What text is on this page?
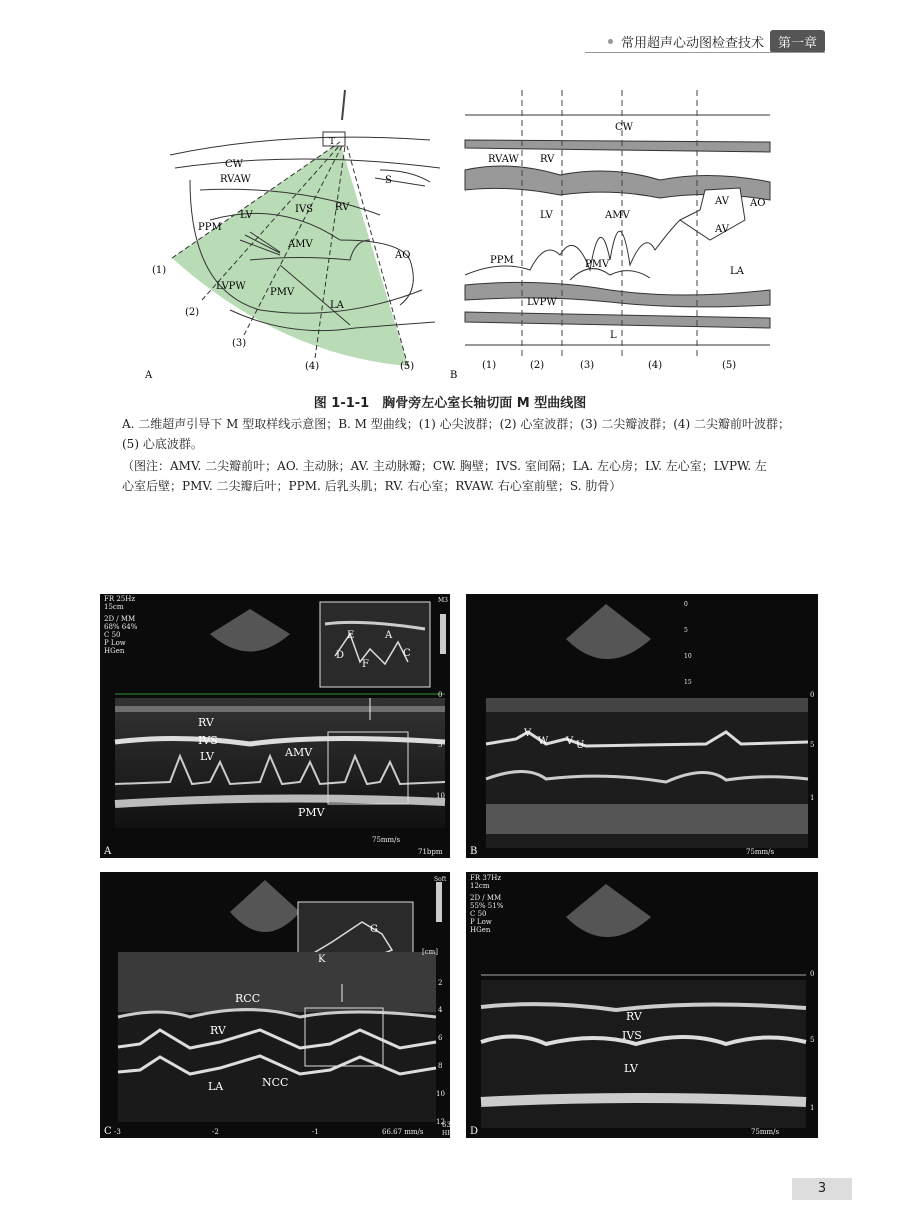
常用超声心动图检查技术	第一章
T
CW
RVAW
LV
IVS RV
S
PPM
AMV
AO
LVPW
PMV
LA
(1)
(2)
(3)
(4)	(5)
A
CW
RVAW RV
LV	AMV
AV
AV
AO
PPM	PMV
LA
LVPW
L
(1)	(2)	(3)	(4)	(5)
B
图 1-1-1　胸骨旁左心室长轴切面 M 型曲线图
A. 二维超声引导下 M 型取样线示意图；B. M 型曲线；(1) 心尖波群；(2) 心室波群；(3) 二尖瓣波群；(4) 二尖瓣前叶波群；
(5) 心底波群。
（图注：AMV. 二尖瓣前叶；AO. 主动脉；AV. 主动脉瓣；CW. 胸壁；IVS. 室间隔；LA. 左心房；LV. 左心室；LVPW. 左
心室后壁；PMV. 二尖瓣后叶；PPM. 后乳头肌；RV. 右心室；RVAW. 右心室前壁；S. 肋骨）
FR 25Hz
15cm
2D / MM
68% 64%
C 50
P Low
HGen
M3
E	A
D
F
C
RV
IVS
LV	AMV
PMV
0
5
10
75mm/s
71bpm
A
V
W V U
0
5
10
15
0
5
1
75mm/s
B
Soft
G
K
[cm]
RV
RCC
LA	NCC
2
4
6
8
10
12
-3	-2	-1	66.67 mm/s
63
HR
C
FR 37Hz
12cm
2D / MM
55% 51%
C 50
P Low
HGen
RV
IVS
LV
0
5
1
75mm/s
D
3
